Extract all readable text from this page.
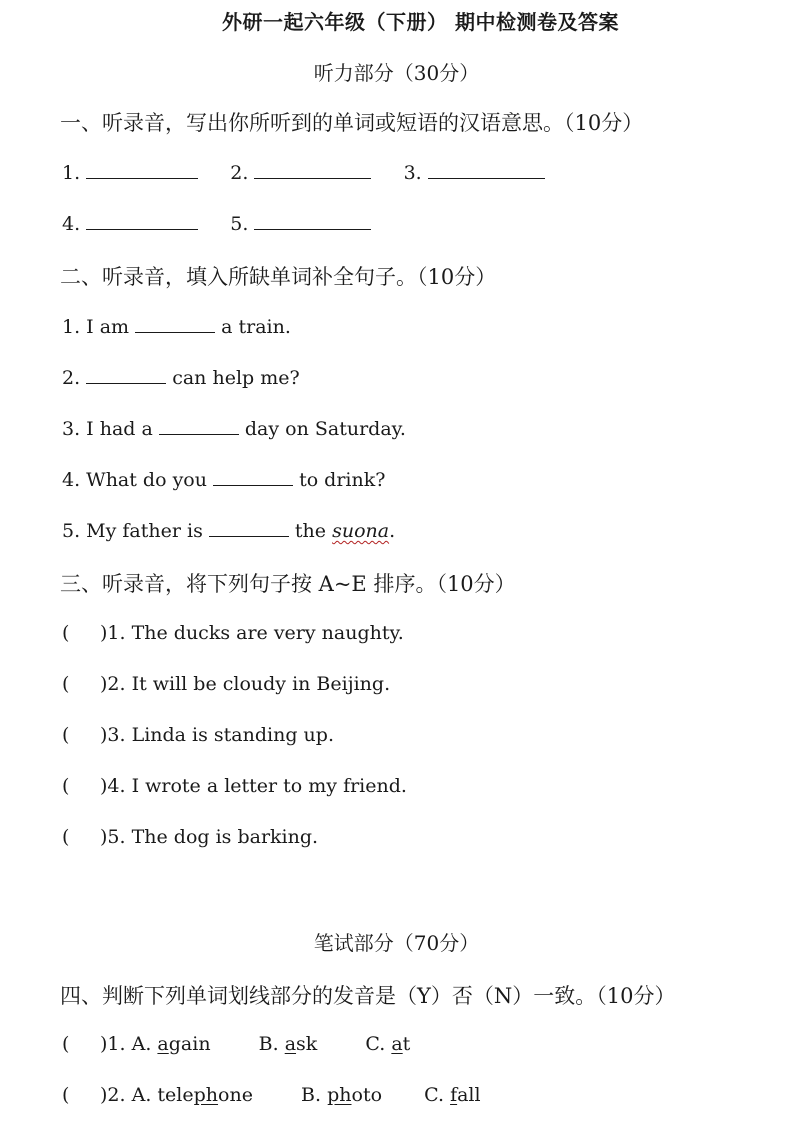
外研一起六年级（下册） 期中检测卷及答案
听力部分（30分）
一、听录音，写出你所听到的单词或短语的汉语意思。（10分）
1.	2.	3.
4.	5.
二、听录音，填入所缺单词补全句子。（10分）
1. I am	a train.
2.	can help me?
3. I had a	day on Saturday.
4. What do you	to drink?
5. My father is	the suona.
三、听录音，将下列句子按 A~E 排序。（10分）
( )1. The ducks are very naughty.
( )2. It will be cloudy in Beijing.
( )3. Linda is standing up.
( )4. I wrote a letter to my friend.
( )5. The dog is barking.
笔试部分（70分）
四、判断下列单词划线部分的发音是（Y）否（N）一致。（10分）
( )1. A. again	B. ask	C. at
( )2. A. telephone	B. photo C. fall
